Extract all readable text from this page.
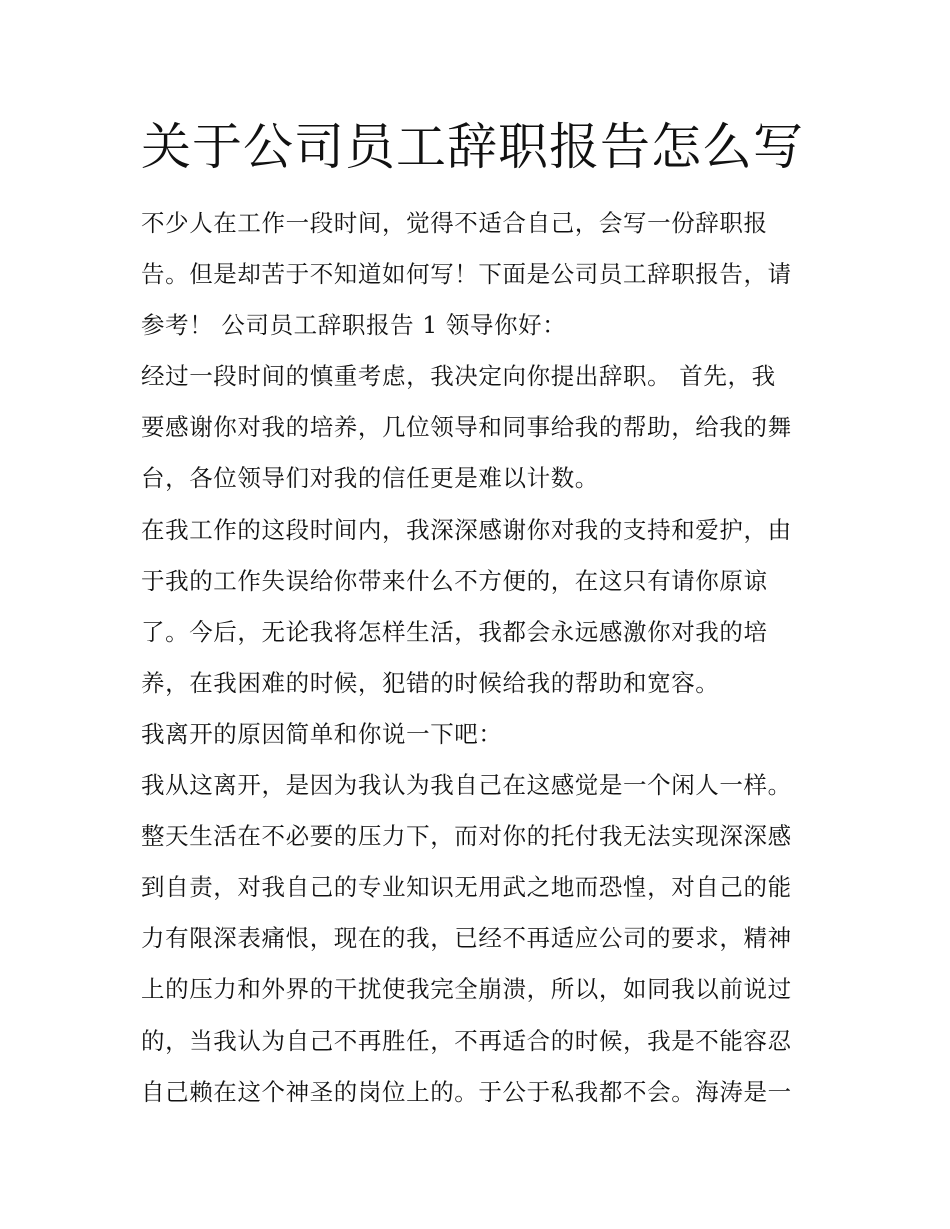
关于公司员工辞职报告怎么写
不少人在工作一段时间，觉得不适合自己，会写一份辞职报
告。但是却苦于不知道如何写！下面是公司员工辞职报告，请
参考！ 公司员工辞职报告 1 领导你好：
经过一段时间的慎重考虑，我决定向你提出辞职。 首先，我
要感谢你对我的培养，几位领导和同事给我的帮助，给我的舞
台，各位领导们对我的信任更是难以计数。
在我工作的这段时间内，我深深感谢你对我的支持和爱护，由
于我的工作失误给你带来什么不方便的，在这只有请你原谅
了。今后，无论我将怎样生活，我都会永远感激你对我的培
养，在我困难的时候，犯错的时候给我的帮助和宽容。
我离开的原因简单和你说一下吧：
我从这离开，是因为我认为我自己在这感觉是一个闲人一样。
整天生活在不必要的压力下，而对你的托付我无法实现深深感
到自责，对我自己的专业知识无用武之地而恐惶，对自己的能
力有限深表痛恨，现在的我，已经不再适应公司的要求，精神
上的压力和外界的干扰使我完全崩溃，所以，如同我以前说过
的，当我认为自己不再胜任，不再适合的时候，我是不能容忍
自己赖在这个神圣的岗位上的。于公于私我都不会。海涛是一
